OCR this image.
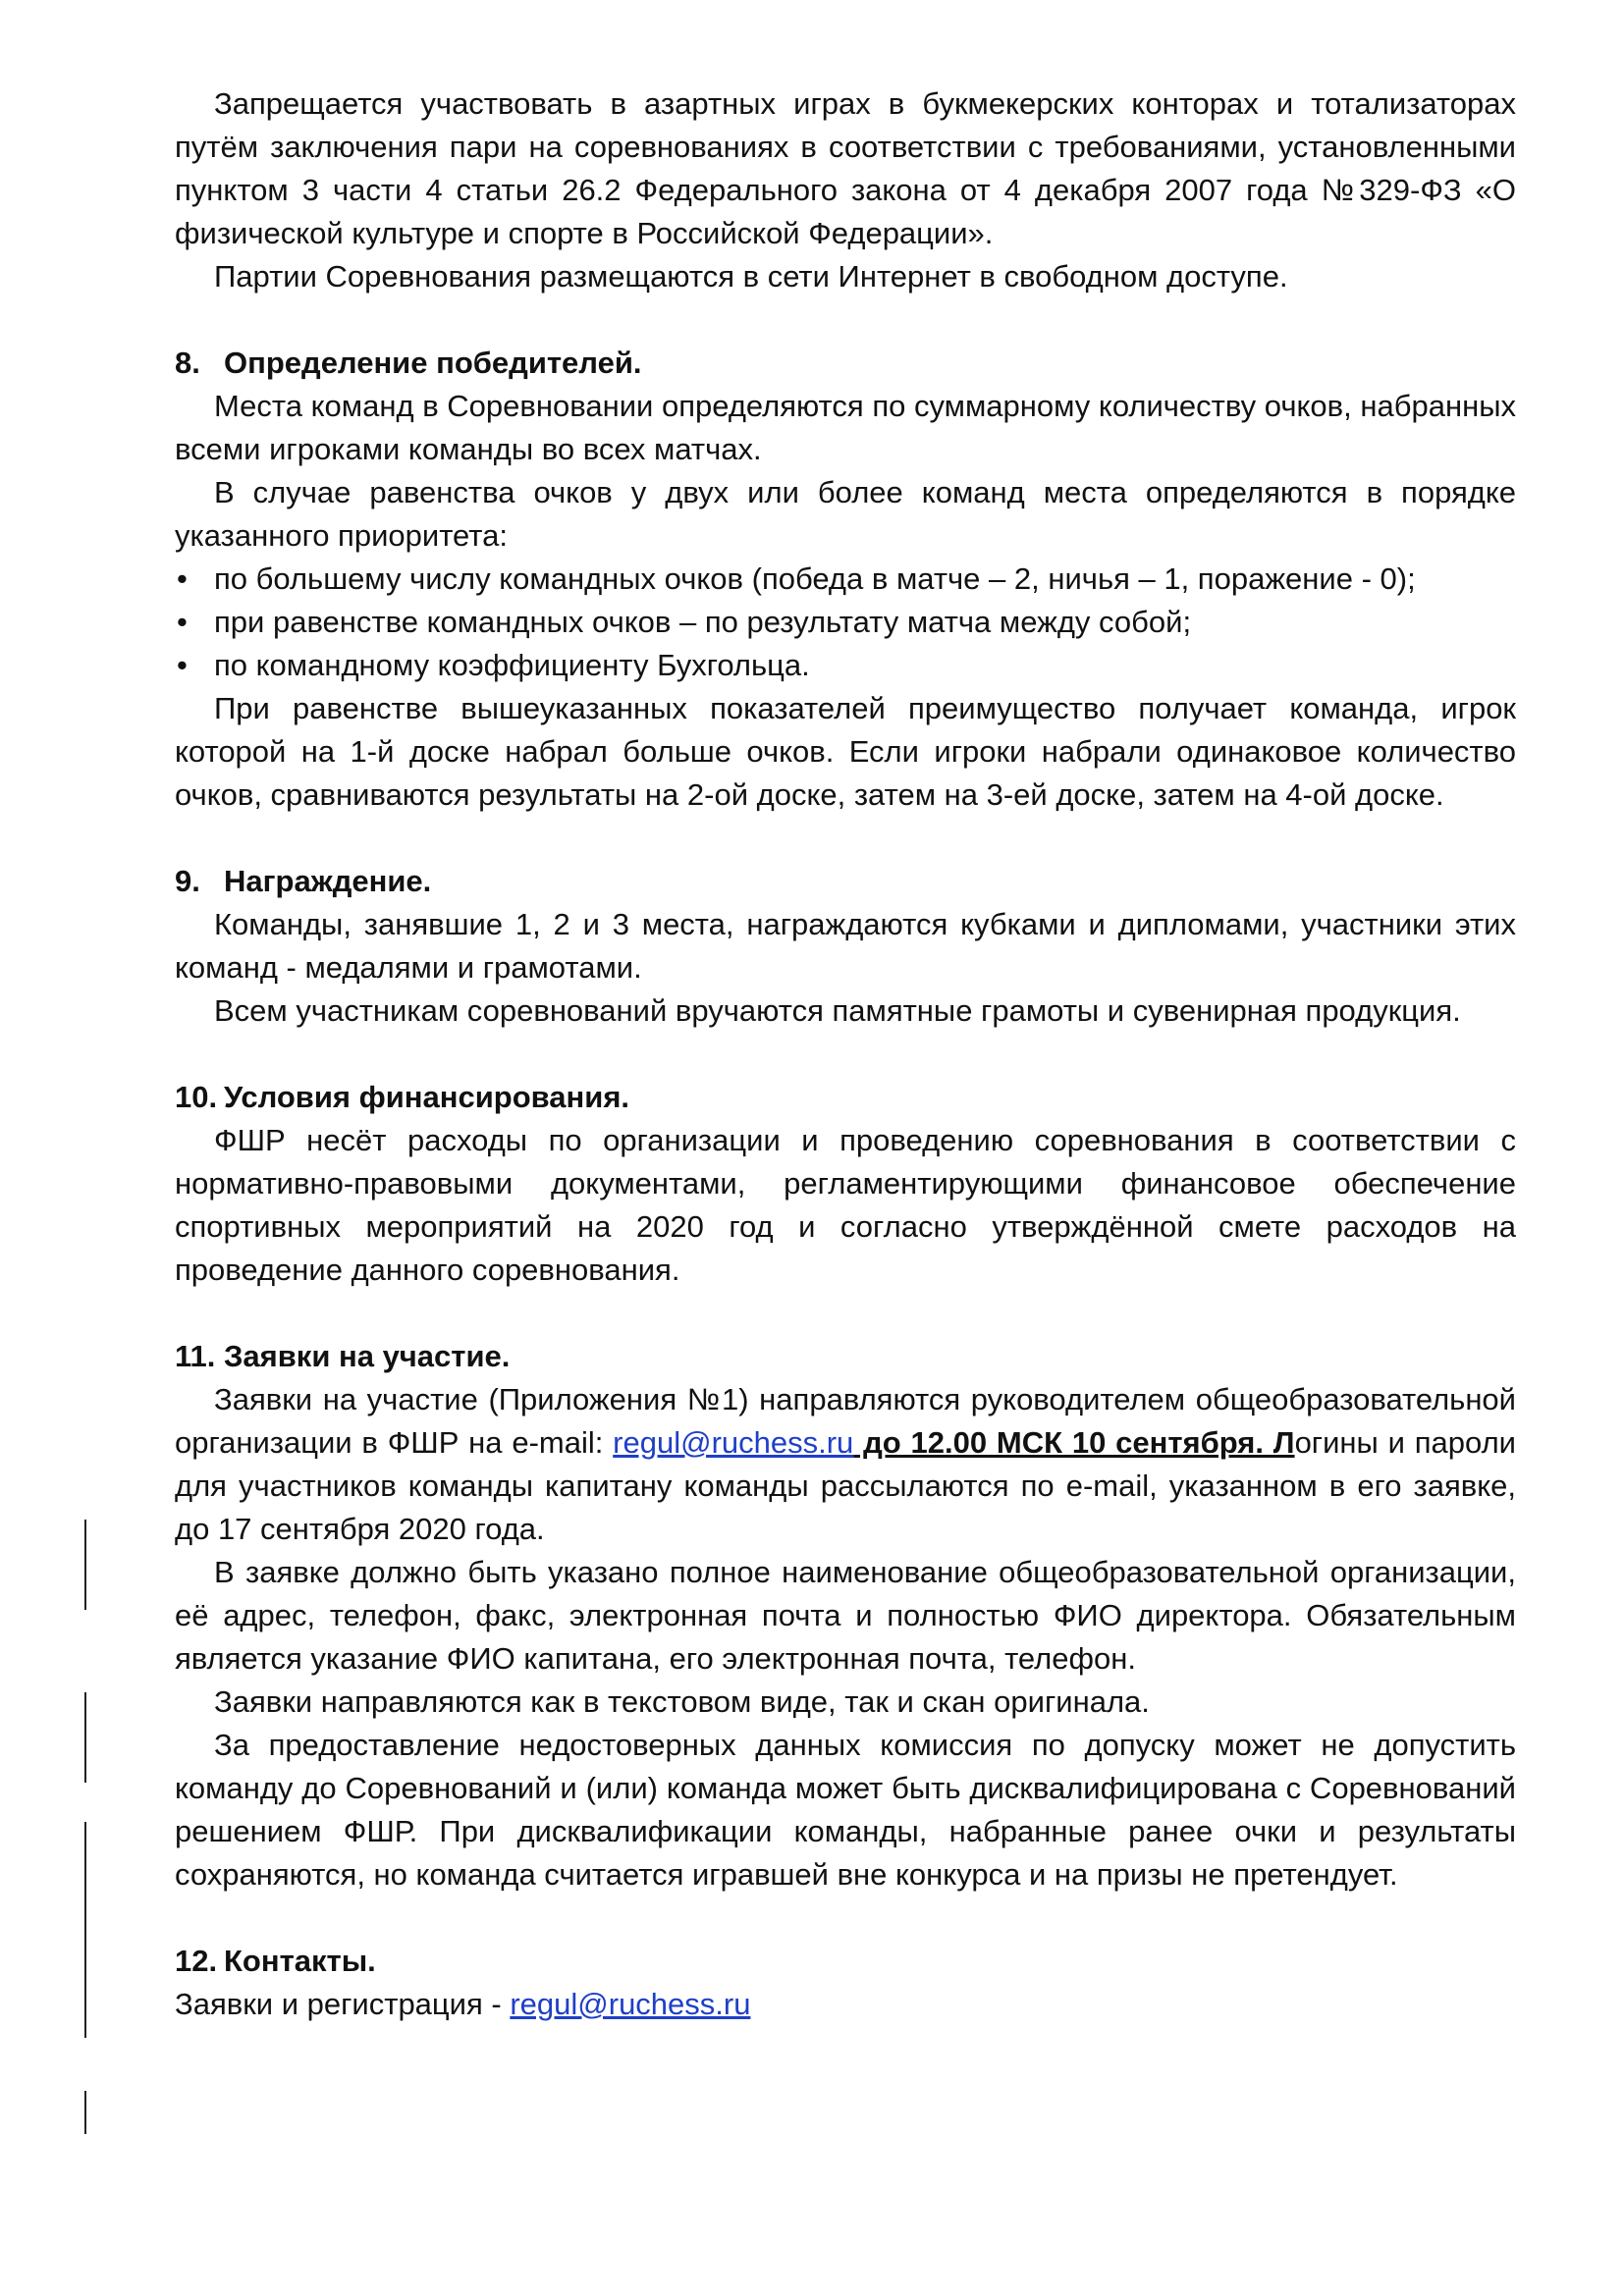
Запрещается участвовать в азартных играх в букмекерских конторах и тотализаторах путём заключения пари на соревнованиях в соответствии с требованиями, установленными пунктом 3 части 4 статьи 26.2 Федерального закона от 4 декабря 2007 года №329-ФЗ «О физической культуре и спорте в Российской Федерации».

Партии Соревнования размещаются в сети Интернет в свободном доступе.

8. Определение победителей.

Места команд в Соревновании определяются по суммарному количеству очков, набранных всеми игроками команды во всех матчах.

В случае равенства очков у двух или более команд места определяются в порядке указанного приоритета:

• по большему числу командных очков (победа в матче – 2, ничья – 1, поражение - 0);
• при равенстве командных очков – по результату матча между собой;
• по командному коэффициенту Бухгольца.

При равенстве вышеуказанных показателей преимущество получает команда, игрок которой на 1-й доске набрал больше очков. Если игроки набрали одинаковое количество очков, сравниваются результаты на 2-ой доске, затем на 3-ей доске, затем на 4-ой доске.

9. Награждение.

Команды, занявшие 1, 2 и 3 места, награждаются кубками и дипломами, участники этих команд - медалями и грамотами.

Всем участникам соревнований вручаются памятные грамоты и сувенирная продукция.

10. Условия финансирования.

ФШР несёт расходы по организации и проведению соревнования в соответствии с нормативно-правовыми документами, регламентирующими финансовое обеспечение спортивных мероприятий на 2020 год и согласно утверждённой смете расходов на проведение данного соревнования.

11. Заявки на участие.

Заявки на участие (Приложения №1) направляются руководителем общеобразовательной организации в ФШР на e-mail: regul@ruchess.ru до 12.00 МСК 10 сентября. Логины и пароли для участников команды капитану команды рассылаются по e-mail, указанном в его заявке, до 17 сентября 2020 года.

В заявке должно быть указано полное наименование общеобразовательной организации, её адрес, телефон, факс, электронная почта и полностью ФИО директора. Обязательным является указание ФИО капитана, его электронная почта, телефон.

Заявки направляются как в текстовом виде, так и скан оригинала.

За предоставление недостоверных данных комиссия по допуску может не допустить команду до Соревнований и (или) команда может быть дисквалифицирована с Соревнований решением ФШР. При дисквалификации команды, набранные ранее очки и результаты сохраняются, но команда считается игравшей вне конкурса и на призы не претендует.

12. Контакты.

Заявки и регистрация - regul@ruchess.ru
